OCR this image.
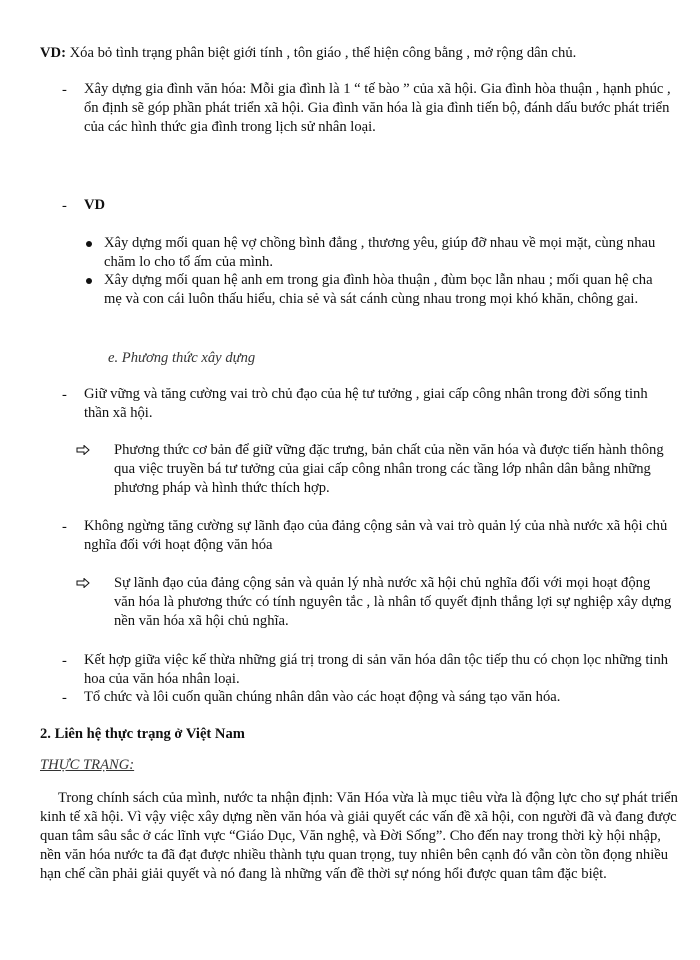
VD: Xóa bỏ tình trạng phân biệt giới tính , tôn giáo , thể hiện công bằng , mở rộng dân chủ.
- Xây dựng gia đình văn hóa: Mỗi gia đình là 1 “ tế bào ” của xã hội. Gia đình hòa thuận , hạnh phúc , ổn định sẽ góp phần phát triển xã hội. Gia đình văn hóa là gia đình tiến bộ, đánh dấu bước phát triển của các hình thức gia đình trong lịch sử nhân loại.
- VD
Xây dựng mối quan hệ vợ chồng bình đẳng , thương yêu, giúp đỡ nhau về mọi mặt, cùng nhau chăm lo cho tổ ấm của mình.
Xây dựng mối quan hệ anh em trong gia đình hòa thuận , đùm bọc lẫn nhau ; mối quan hệ cha mẹ và con cái luôn thấu hiểu, chia sẻ và sát cánh cùng nhau trong mọi khó khăn, chông gai.
e. Phương thức xây dựng
- Giữ vững và tăng cường vai trò chủ đạo của hệ tư tưởng , giai cấp công nhân trong đời sống tinh thần xã hội.
Phương thức cơ bản để giữ vững đặc trưng, bản chất của nền văn hóa và được tiến hành thông qua việc truyền bá tư tưởng của giai cấp công nhân trong các tầng lớp nhân dân bằng những phương pháp và hình thức thích hợp.
- Không ngừng tăng cường sự lãnh đạo của đảng cộng sản và vai trò quản lý của nhà nước xã hội chủ nghĩa đối với hoạt động văn hóa
Sự lãnh đạo của đảng cộng sản và quản lý nhà nước xã hội chủ nghĩa đối với mọi hoạt động văn hóa là phương thức có tính nguyên tắc , là nhân tố quyết định thắng lợi sự nghiệp xây dựng nền văn hóa xã hội chủ nghĩa.
- Kết hợp giữa việc kế thừa những giá trị trong di sản văn hóa dân tộc tiếp thu có chọn lọc những tinh hoa của văn hóa nhân loại.
- Tổ chức và lôi cuốn quần chúng nhân dân vào các hoạt động và sáng tạo văn hóa.
2. Liên hệ thực trạng ở Việt Nam
THỰC TRẠNG:
Trong chính sách của mình, nước ta nhận định: Văn Hóa vừa là mục tiêu vừa là động lực cho sự phát triển kinh tế xã hội. Vì vậy việc xây dựng nền văn hóa và giải quyết các vấn đề xã hội, con người đã và đang được quan tâm sâu sắc ở các lĩnh vực “Giáo Dục, Văn nghệ, và Đời Sống”. Cho đến nay trong thời kỳ hội nhập, nền văn hóa nước ta đã đạt được nhiều thành tựu quan trọng, tuy nhiên bên cạnh đó vẫn còn tồn đọng nhiều hạn chế cần phải giải quyết và nó đang là những vấn đề thời sự nóng hổi được quan tâm đặc biệt.
